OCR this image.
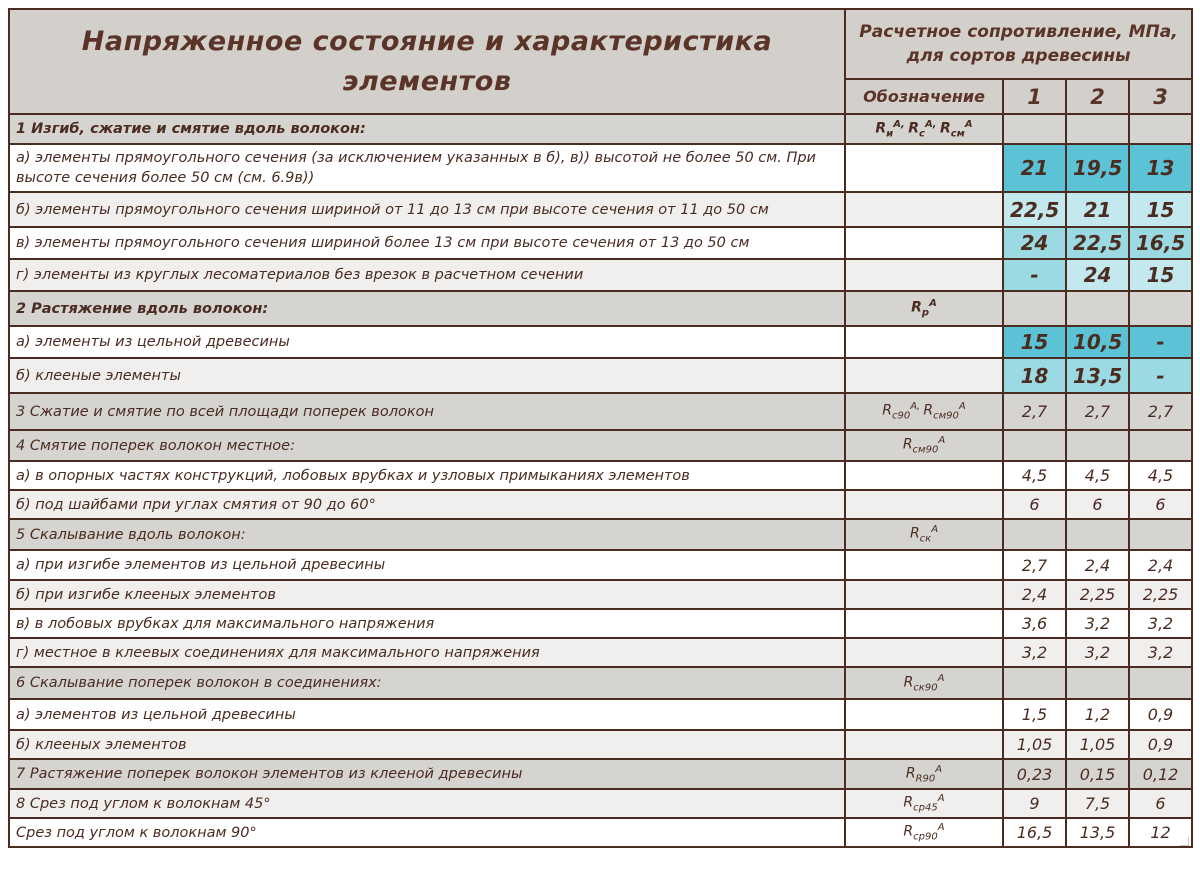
Напряженное состояние и характеристика элементов	Расчетное сопротивление, МПа, для сортов древесины			
	Обозначение	1	2	3
1 Изгиб, сжатие и смятие вдоль волокон:	$R_и^{А,}$ $R_с^{А,}$ $R_{см}^А$			
а) элементы прямоугольного сечения (за исключением указанных в б), в)) высотой не более 50 см. При высоте сечения более 50 см (см. 6.9в))		21	19,5	13
б) элементы прямоугольного сечения шириной от 11 до 13 см при высоте сечения от 11 до 50 см		22,5	21	15
в) элементы прямоугольного сечения шириной более 13 см при высоте сечения от 13 до 50 см		24	22,5	16,5
г) элементы из круглых лесоматериалов без врезок в расчетном сечении		-	24	15
2 Растяжение вдоль волокон:	$R_р^А$			
а) элементы из цельной древесины		15	10,5	-
б) клееные элементы		18	13,5	-
3 Сжатие и смятие по всей площади поперек волокон	$R_{с90}^{А,}$ $R_{см90}^А$	2,7	2,7	2,7
4 Смятие поперек волокон местное:	$R_{см90}^А$			
а) в опорных частях конструкций, лобовых врубках и узловых примыканиях элементов		4,5	4,5	4,5
б) под шайбами при углах смятия от 90 до 60°		6	6	6
5 Скалывание вдоль волокон:	$R_{ск}^А$			
а) при изгибе элементов из цельной древесины		2,7	2,4	2,4
б) при изгибе клееных элементов		2,4	2,25	2,25
в) в лобовых врубках для максимального напряжения		3,6	3,2	3,2
г) местное в клеевых соединениях для максимального напряжения		3,2	3,2	3,2
6 Скалывание поперек волокон в соединениях:	$R_{ск90}^А$			
а) элементов из цельной древесины		1,5	1,2	0,9
б) клееных элементов		1,05	1,05	0,9
7 Растяжение поперек волокон элементов из клееной древесины	$R_{R90}^А$	0,23	0,15	0,12
8 Срез под углом к волокнам 45°	$R_{ср45}^А$	9	7,5	6
Срез под углом к волокнам 90°	$R_{ср90}^А$	16,5	13,5	12
